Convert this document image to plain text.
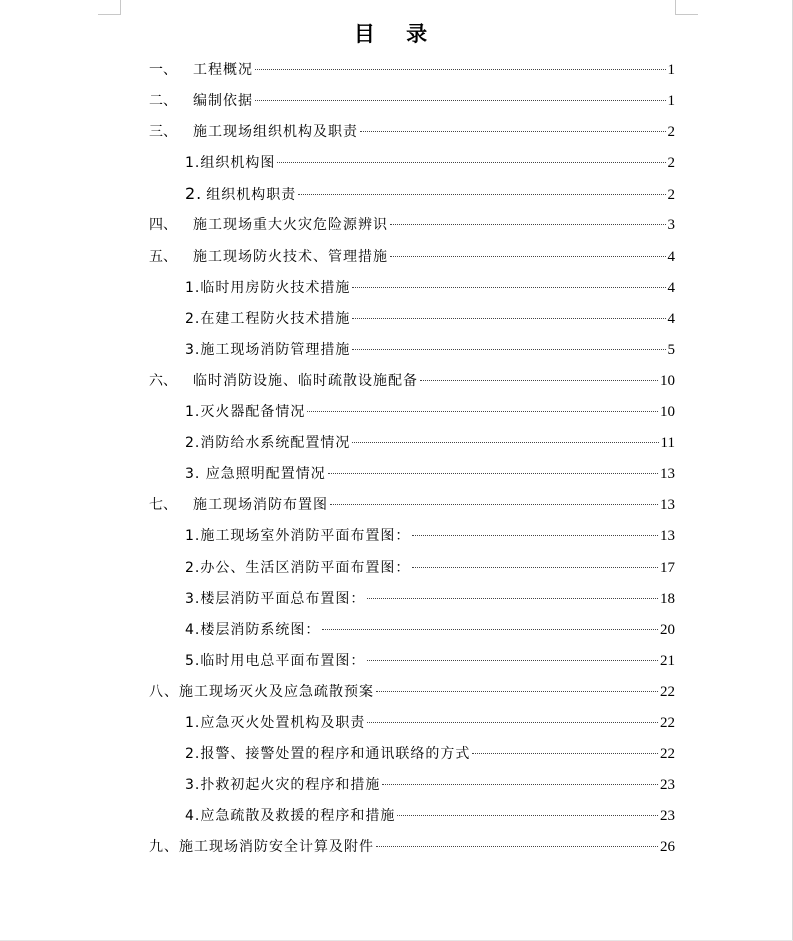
目 录
一、 工程概况	1
二、 编制依据	1
三、 施工现场组织机构及职责	2
1.组织机构图	2
2. 组织机构职责	2
四、 施工现场重大火灾危险源辨识	3
五、 施工现场防火技术、管理措施	4
1.临时用房防火技术措施	4
2.在建工程防火技术措施	4
3.施工现场消防管理措施	5
六、 临时消防设施、临时疏散设施配备	10
1.灭火器配备情况	10
2.消防给水系统配置情况	11
3. 应急照明配置情况	13
七、 施工现场消防布置图	13
1.施工现场室外消防平面布置图：	13
2.办公、生活区消防平面布置图：	17
3.楼层消防平面总布置图：	18
4.楼层消防系统图：	20
5.临时用电总平面布置图：	21
八、施工现场灭火及应急疏散预案	22
1.应急灭火处置机构及职责	22
2.报警、接警处置的程序和通讯联络的方式	22
3.扑救初起火灾的程序和措施	23
4.应急疏散及救援的程序和措施	23
九、施工现场消防安全计算及附件	26
